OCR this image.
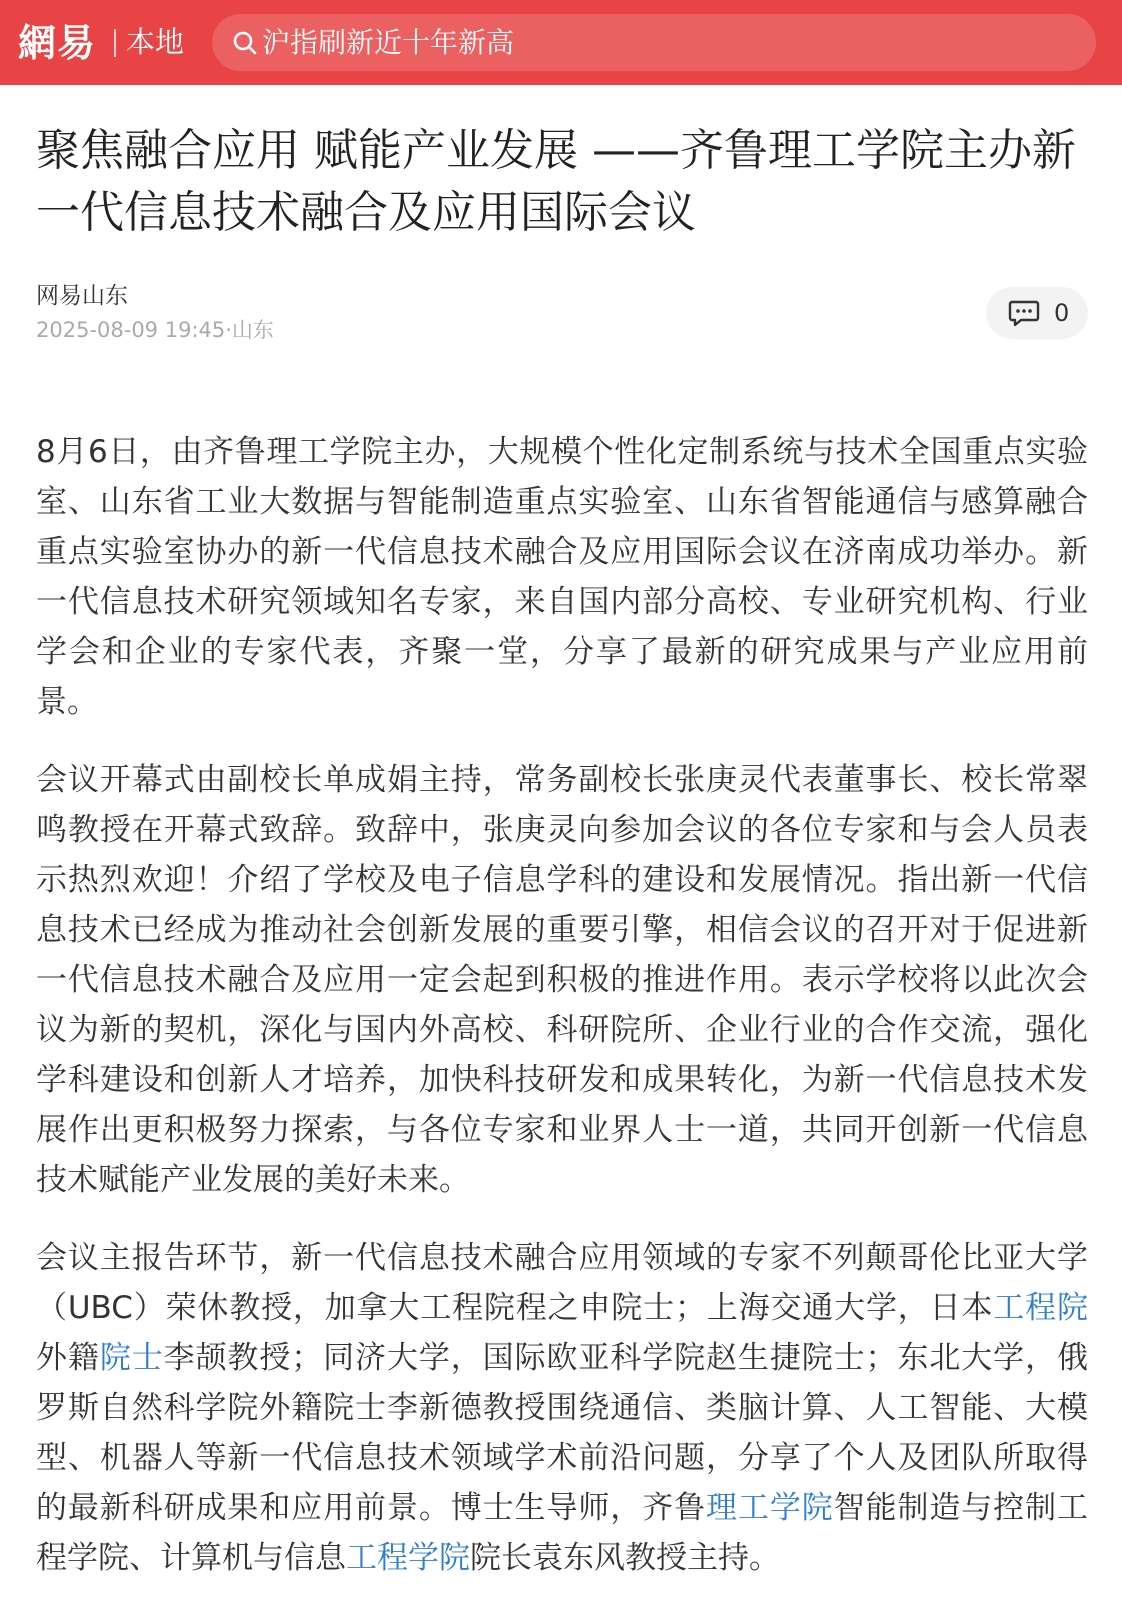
網易 本地	沪指刷新近十年新高
聚焦融合应用 赋能产业发展 ——齐鲁理工学院主办新一代信息技术融合及应用国际会议
网易山东
2025-08-09 19:45·山东
0

8月6日，由齐鲁理工学院主办，大规模个性化定制系统与技术全国重点实验室、山东省工业大数据与智能制造重点实验室、山东省智能通信与感算融合重点实验室协办的新一代信息技术融合及应用国际会议在济南成功举办。新一代信息技术研究领域知名专家，来自国内部分高校、专业研究机构、行业学会和企业的专家代表，齐聚一堂，分享了最新的研究成果与产业应用前景。

会议开幕式由副校长单成娟主持，常务副校长张庚灵代表董事长、校长常翠鸣教授在开幕式致辞。致辞中，张庚灵向参加会议的各位专家和与会人员表示热烈欢迎！介绍了学校及电子信息学科的建设和发展情况。指出新一代信息技术已经成为推动社会创新发展的重要引擎，相信会议的召开对于促进新一代信息技术融合及应用一定会起到积极的推进作用。表示学校将以此次会议为新的契机，深化与国内外高校、科研院所、企业行业的合作交流，强化学科建设和创新人才培养，加快科技研发和成果转化，为新一代信息技术发展作出更积极努力探索，与各位专家和业界人士一道，共同开创新一代信息技术赋能产业发展的美好未来。

会议主报告环节，新一代信息技术融合应用领域的专家不列颠哥伦比亚大学（UBC）荣休教授，加拿大工程院程之申院士；上海交通大学，日本工程院外籍院士李颉教授；同济大学，国际欧亚科学院赵生捷院士；东北大学，俄罗斯自然科学院外籍院士李新德教授围绕通信、类脑计算、人工智能、大模型、机器人等新一代信息技术领域学术前沿问题，分享了个人及团队所取得的最新科研成果和应用前景。博士生导师，齐鲁理工学院智能制造与控制工程学院、计算机与信息工程学院院长袁东风教授主持。
